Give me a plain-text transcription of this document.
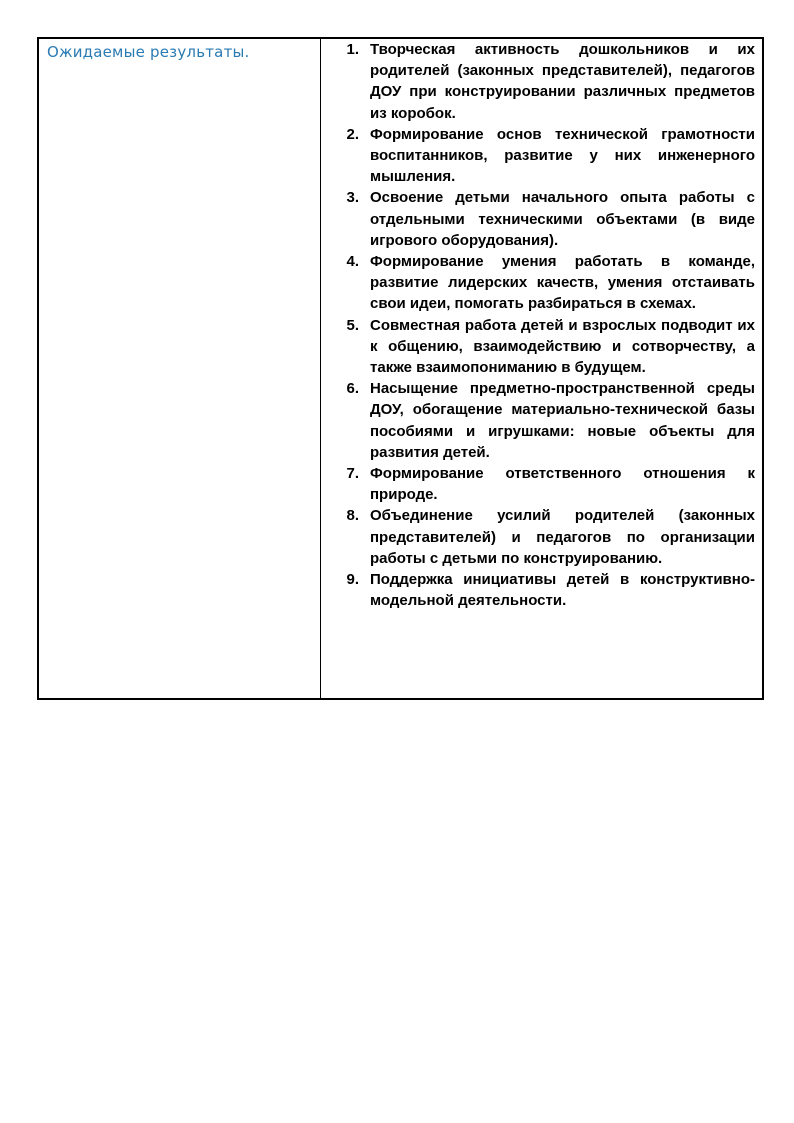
Ожидаемые результаты.	1. Творческая активность дошкольников и их родителей (законных представителей), педагогов ДОУ при конструировании различных предметов из коробок.
2. Формирование основ технической грамотности воспитанников, развитие у них инженерного мышления.
3. Освоение детьми начального опыта работы с отдельными техническими объектами (в виде игрового оборудования).
4. Формирование умения работать в команде, развитие лидерских качеств, умения отстаивать свои идеи, помогать разбираться в схемах.
5. Совместная работа детей и взрослых подводит их к общению, взаимодействию и сотворчеству, а также взаимопониманию в будущем.
6. Насыщение предметно-пространственной среды ДОУ, обогащение материально-технической базы пособиями и игрушками: новые объекты для развития детей.
7. Формирование ответственного отношения к природе.
8. Объединение усилий родителей (законных представителей) и педагогов по организации работы с детьми по конструированию.
9. Поддержка инициативы детей в конструктивно-модельной деятельности.
